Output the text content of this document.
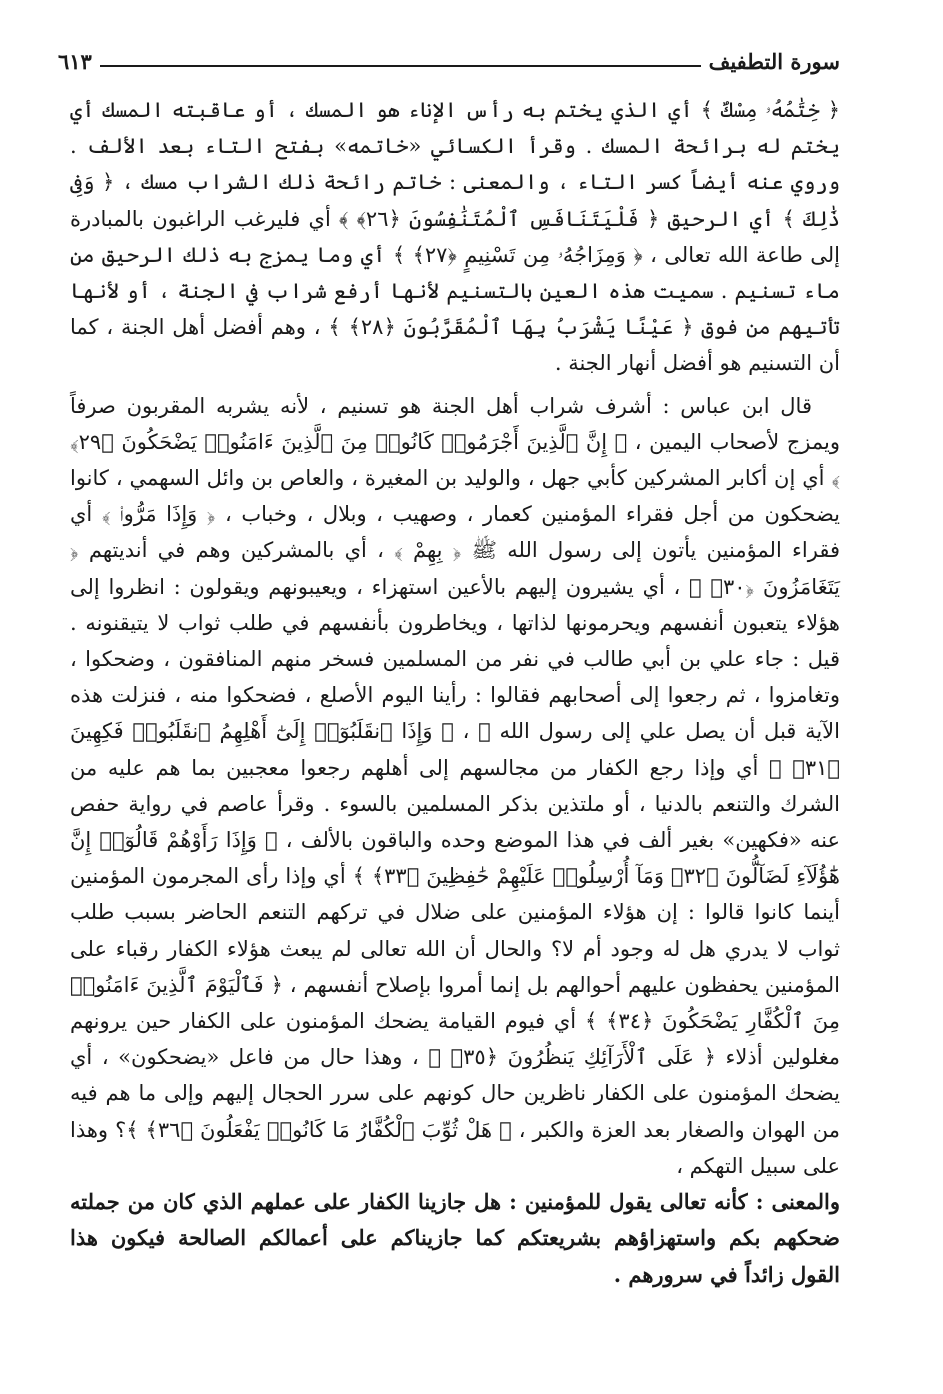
سورة التطفيف
٦١٣

﴿ خِتَٰمُهُۥ مِسْكٌ ﴾ أي الذي يختم به رأس الإناء هو المسك ، أو عاقبته المسك أي يختم له برائحة المسك . وقرأ الكسائي «خاتمه» بفتح التاء بعد الألف . وروي عنه أيضاً كسر التاء ، والمعنى : خاتم رائحة ذلك الشراب مسك ، ﴿ وَفِى ذَٰلِكَ ﴾ أي الرحيق ﴿ فَلْيَتَنَافَسِ ٱلْمُتَنَٰفِسُونَ ﴿٢٦﴾ ﴾ أي فليرغب الراغبون بالمبادرة إلى طاعة الله تعالى ، ﴿ وَمِزَاجُهُۥ مِن تَسْنِيمٍ ﴿٢٧﴾ ﴾ أي وما يمزج به ذلك الرحيق من ماء تسنيم . سميت هذه العين بالتسنيم لأنها أرفع شراب في الجنة ، أو لأنها تأتيهم من فوق ﴿ عَيْنًا يَشْرَبُ بِهَا ٱلْمُقَرَّبُونَ ﴿٢٨﴾ ﴾ ، وهم أفضل أهل الجنة ، كما أن التسنيم هو أفضل أنهار الجنة .

قال ابن عباس : أشرف شراب أهل الجنة هو تسنيم ، لأنه يشربه المقربون صرفاً ويمزج لأصحاب اليمين ، ﴿ إِنَّ ٱلَّذِينَ أَجْرَمُوا۟ كَانُوا۟ مِنَ ٱلَّذِينَ ءَامَنُوا۟ يَضْحَكُونَ ﴿٢٩﴾ ﴾ أي إن أكابر المشركين كأبي جهل ، والوليد بن المغيرة ، والعاص بن وائل السهمي ، كانوا يضحكون من أجل فقراء المؤمنين كعمار ، وصهيب ، وبلال ، وخباب ، ﴿ وَإِذَا مَرُّوا۟ ﴾ أي فقراء المؤمنين يأتون إلى رسول الله ﷺ ﴿ بِهِمْ ﴾ ، أي بالمشركين وهم في أنديتهم ﴿ يَتَغَامَزُونَ ﴿٣٠﴾ ﴾ ، أي يشيرون إليهم بالأعين استهزاء ، ويعيبونهم ويقولون : انظروا إلى هؤلاء يتعبون أنفسهم ويحرمونها لذاتها ، ويخاطرون بأنفسهم في طلب ثواب لا يتيقنونه . قيل : جاء علي بن أبي طالب في نفر من المسلمين فسخر منهم المنافقون ، وضحكوا ، وتغامزوا ، ثم رجعوا إلى أصحابهم فقالوا : رأينا اليوم الأصلع ، فضحكوا منه ، فنزلت هذه الآية قبل أن يصل علي إلى رسول الله ﷺ ، ﴿ وَإِذَا ٱنقَلَبُوٓا۟ إِلَىٰٓ أَهْلِهِمُ ٱنقَلَبُوا۟ فَكِهِينَ ﴿٣١﴾ ﴾ أي وإذا رجع الكفار من مجالسهم إلى أهلهم رجعوا معجبين بما هم عليه من الشرك والتنعم بالدنيا ، أو ملتذين بذكر المسلمين بالسوء . وقرأ عاصم في رواية حفص عنه «فكهين» بغير ألف في هذا الموضع وحده والباقون بالألف ، ﴿ وَإِذَا رَأَوْهُمْ قَالُوٓا۟ إِنَّ هَٰٓؤُلَآءِ لَضَآلُّونَ ﴿٣٢﴾ وَمَآ أُرْسِلُوا۟ عَلَيْهِمْ حَٰفِظِينَ ﴿٣٣﴾ ﴾ أي وإذا رأى المجرمون المؤمنين أينما كانوا قالوا : إن هؤلاء المؤمنين على ضلال في تركهم التنعم الحاضر بسبب طلب ثواب لا يدري هل له وجود أم لا؟ والحال أن الله تعالى لم يبعث هؤلاء الكفار رقباء على المؤمنين يحفظون عليهم أحوالهم بل إنما أمروا بإصلاح أنفسهم ، ﴿ فَٱلْيَوْمَ ٱلَّذِينَ ءَامَنُوا۟ مِنَ ٱلْكُفَّارِ يَضْحَكُونَ ﴿٣٤﴾ ﴾ أي فيوم القيامة يضحك المؤمنون على الكفار حين يرونهم مغلولين أذلاء ﴿ عَلَى ٱلْأَرَآئِكِ يَنظُرُونَ ﴿٣٥﴾ ﴾ ، وهذا حال من فاعل «يضحكون» ، أي يضحك المؤمنون على الكفار ناظرين حال كونهم على سرر الحجال إليهم وإلى ما هم فيه من الهوان والصغار بعد العزة والكبر ، ﴿ هَلْ ثُوِّبَ ٱلْكُفَّارُ مَا كَانُوا۟ يَفْعَلُونَ ﴿٣٦﴾ ﴾؟ وهذا على سبيل التهكم ،

والمعنى : كأنه تعالى يقول للمؤمنين : هل جازينا الكفار على عملهم الذي كان من جملته ضحكهم بكم واستهزاؤهم بشريعتكم كما جازيناكم على أعمالكم الصالحة فيكون هذا القول زائداً في سرورهم .
